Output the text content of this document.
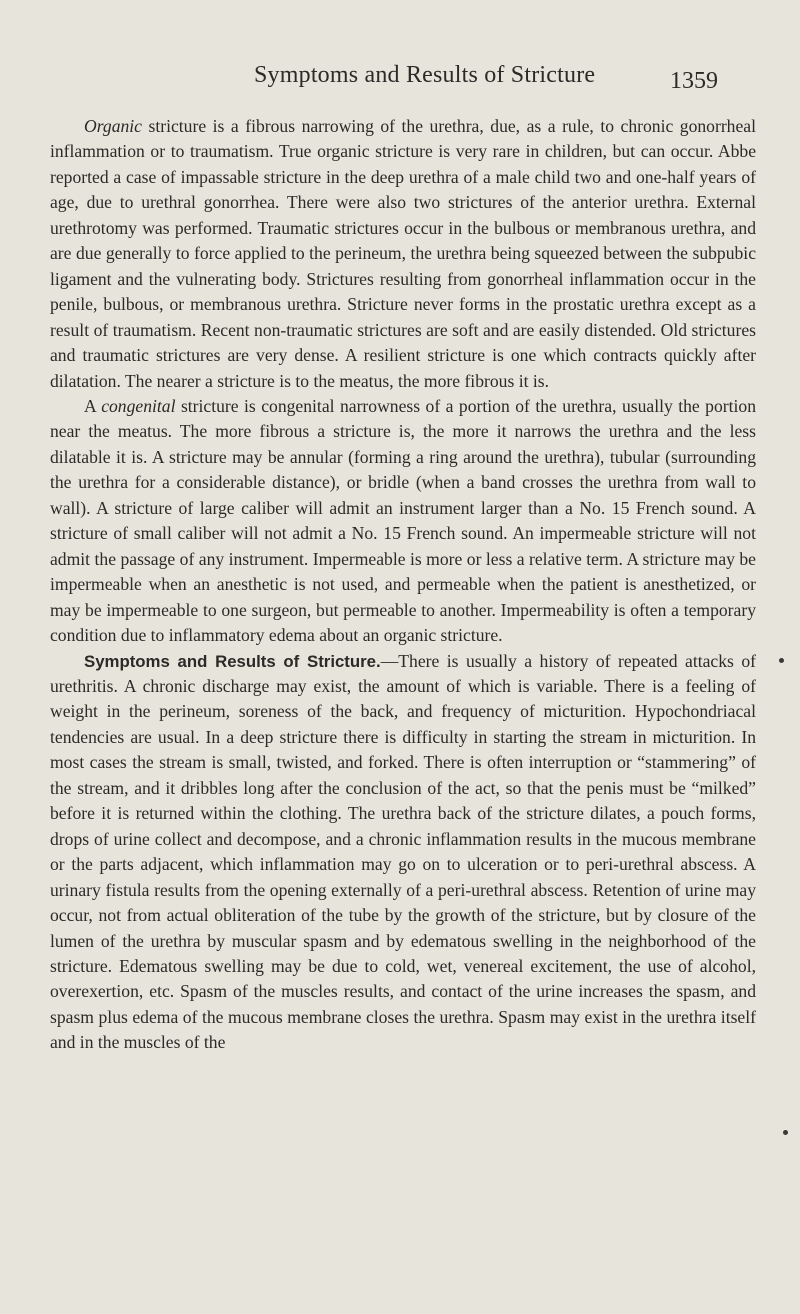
Symptoms and Results of Stricture	1359

Organic stricture is a fibrous narrowing of the urethra, due, as a rule, to chronic gonorrheal inflammation or to traumatism. True organic stricture is very rare in children, but can occur. Abbe reported a case of impassable stricture in the deep urethra of a male child two and one-half years of age, due to urethral gonorrhea. There were also two strictures of the anterior urethra. External urethrotomy was performed. Traumatic strictures occur in the bulbous or membranous urethra, and are due generally to force applied to the perineum, the urethra being squeezed between the subpubic ligament and the vulnerating body. Strictures resulting from gonorrheal inflammation occur in the penile, bulbous, or membranous urethra. Stricture never forms in the prostatic urethra except as a result of traumatism. Recent non-traumatic strictures are soft and are easily distended. Old strictures and traumatic strictures are very dense. A resilient stricture is one which contracts quickly after dilatation. The nearer a stricture is to the meatus, the more fibrous it is.

A congenital stricture is congenital narrowness of a portion of the urethra, usually the portion near the meatus. The more fibrous a stricture is, the more it narrows the urethra and the less dilatable it is. A stricture may be annular (forming a ring around the urethra), tubular (surrounding the urethra for a considerable distance), or bridle (when a band crosses the urethra from wall to wall). A stricture of large caliber will admit an instrument larger than a No. 15 French sound. A stricture of small caliber will not admit a No. 15 French sound. An impermeable stricture will not admit the passage of any instrument. Impermeable is more or less a relative term. A stricture may be impermeable when an anesthetic is not used, and permeable when the patient is anesthetized, or may be impermeable to one surgeon, but permeable to another. Impermeability is often a temporary condition due to inflammatory edema about an organic stricture.

Symptoms and Results of Stricture.—There is usually a history of repeated attacks of urethritis. A chronic discharge may exist, the amount of which is variable. There is a feeling of weight in the perineum, soreness of the back, and frequency of micturition. Hypochondriacal tendencies are usual. In a deep stricture there is difficulty in starting the stream in micturition. In most cases the stream is small, twisted, and forked. There is often interruption or “stammering” of the stream, and it dribbles long after the conclusion of the act, so that the penis must be “milked” before it is returned within the clothing. The urethra back of the stricture dilates, a pouch forms, drops of urine collect and decompose, and a chronic inflammation results in the mucous membrane or the parts adjacent, which inflammation may go on to ulceration or to peri-urethral abscess. A urinary fistula results from the opening externally of a peri-urethral abscess. Retention of urine may occur, not from actual obliteration of the tube by the growth of the stricture, but by closure of the lumen of the urethra by muscular spasm and by edematous swelling in the neighborhood of the stricture. Edematous swelling may be due to cold, wet, venereal excitement, the use of alcohol, overexertion, etc. Spasm of the muscles results, and contact of the urine increases the spasm, and spasm plus edema of the mucous membrane closes the urethra. Spasm may exist in the urethra itself and in the muscles of the
